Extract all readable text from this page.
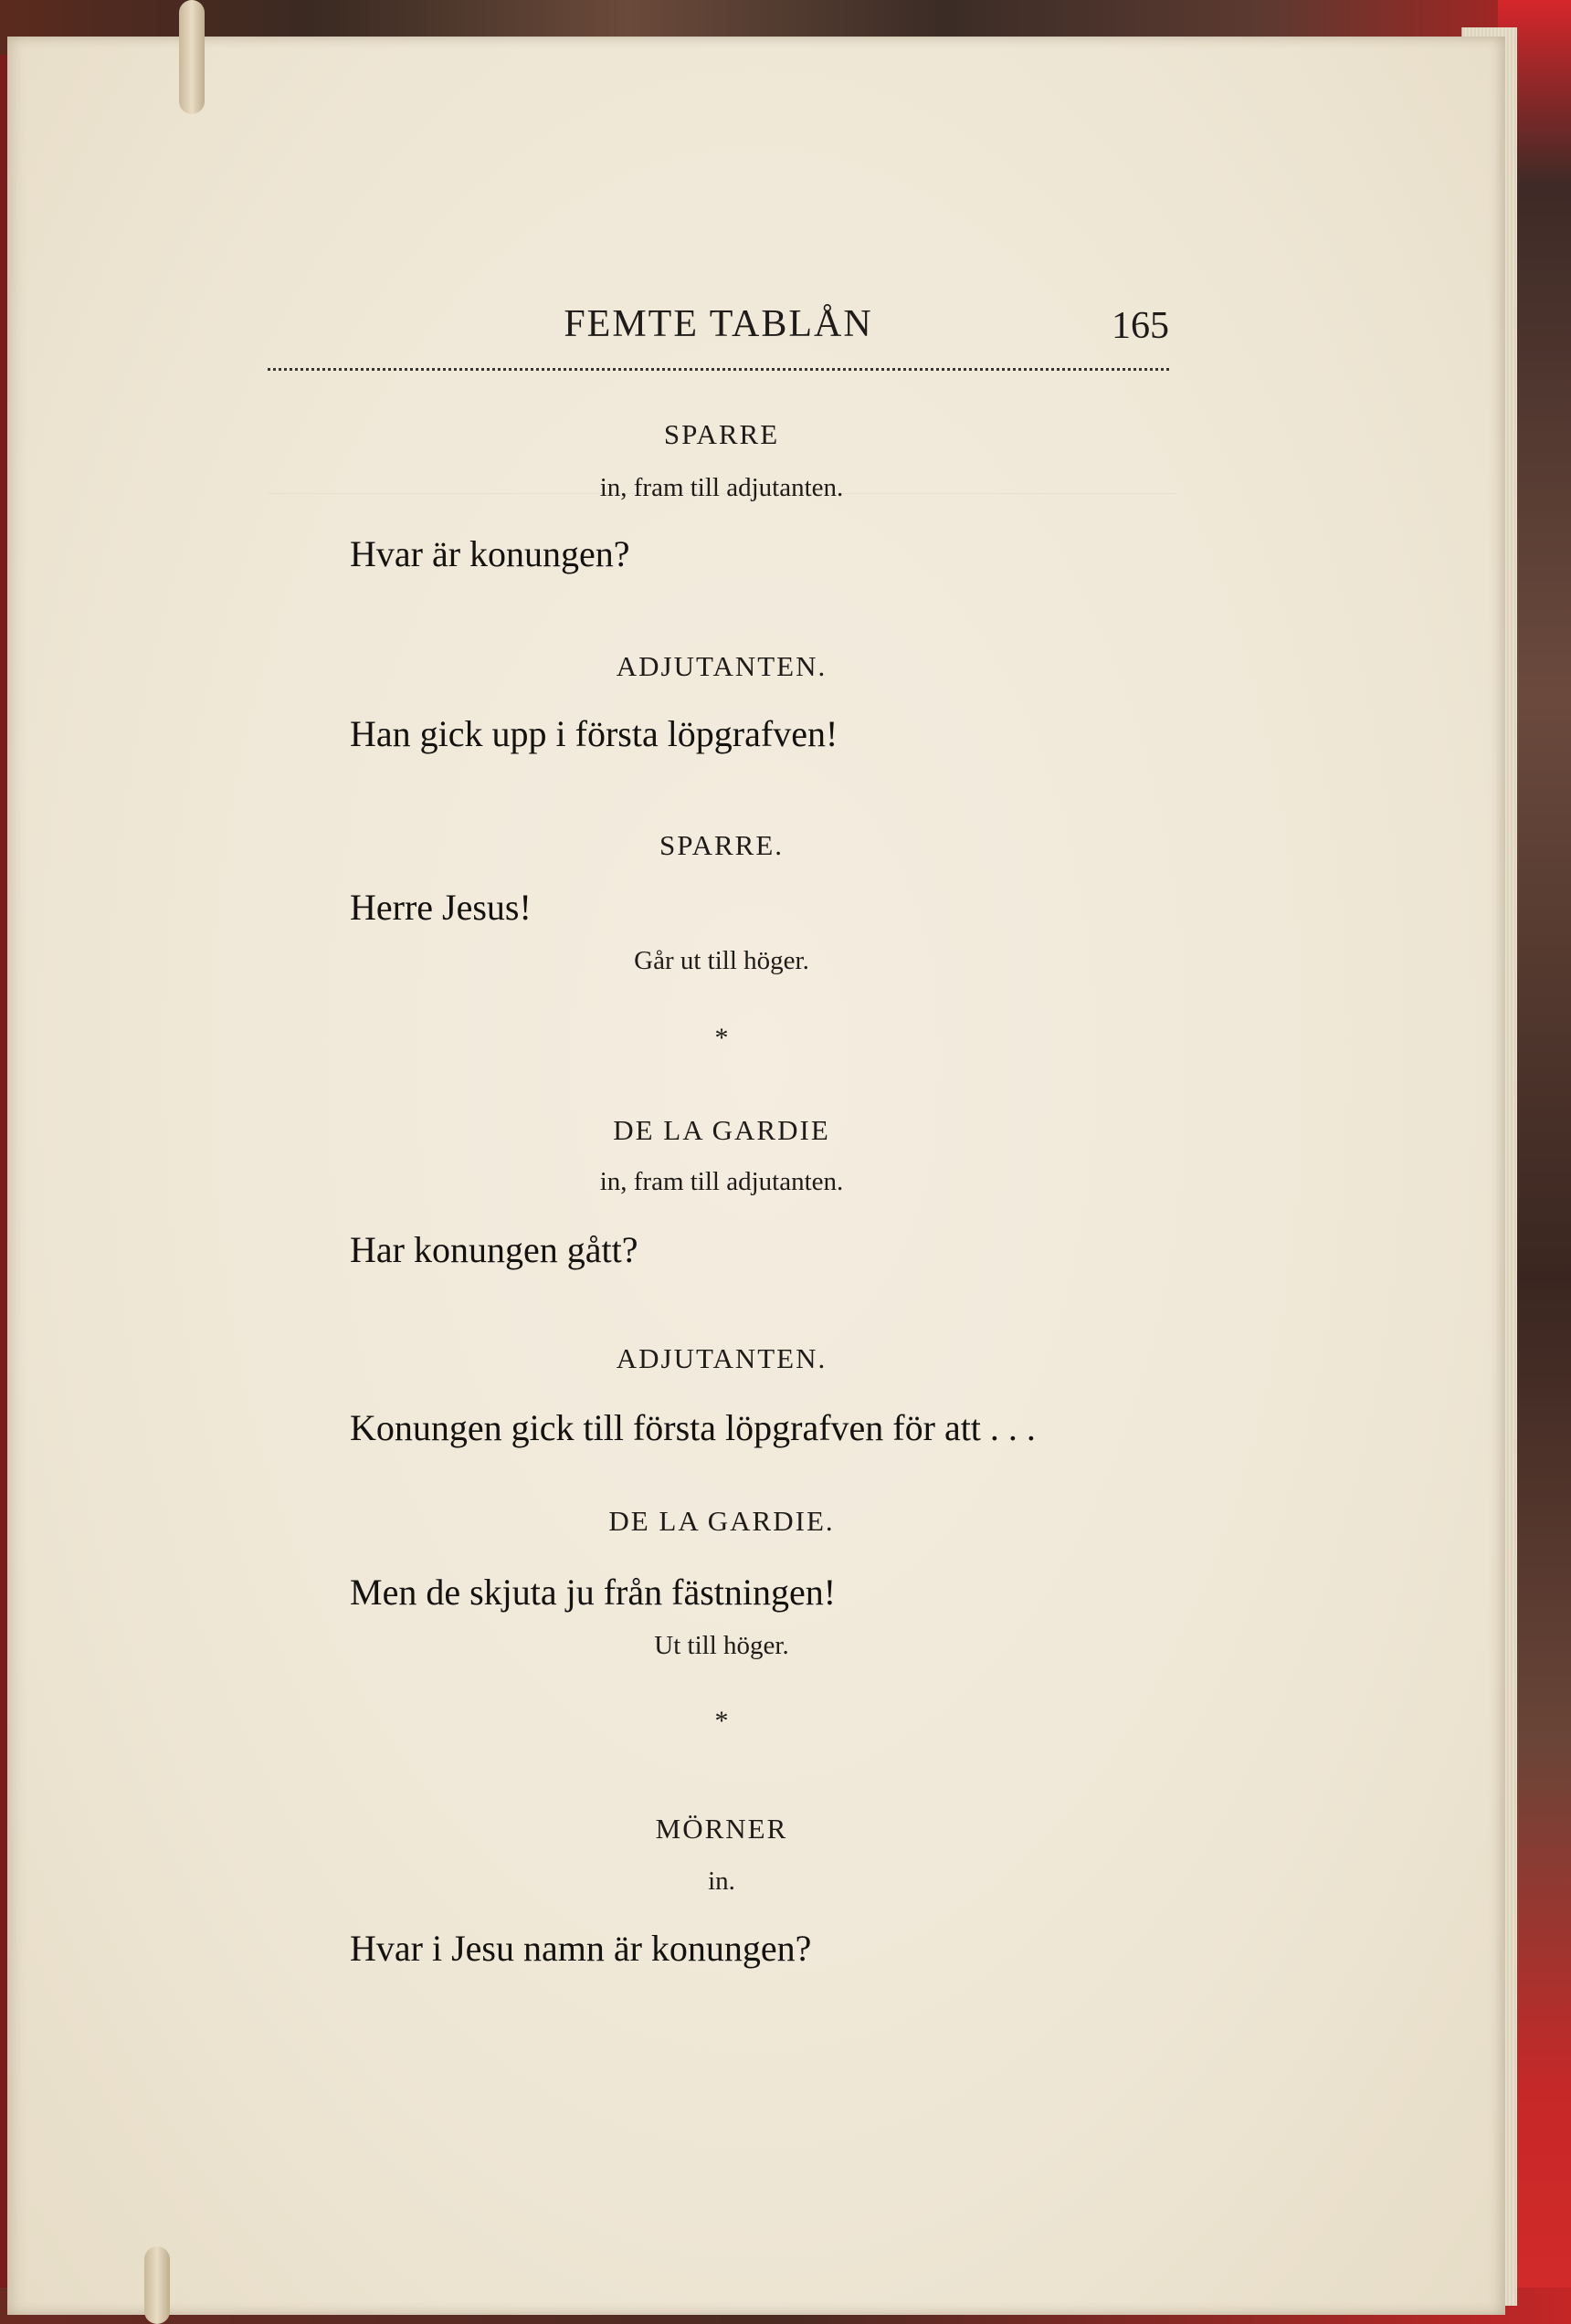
FEMTE TABLÅN	165
SPARRE
in, fram till adjutanten.
Hvar är konungen?
ADJUTANTEN.
Han gick upp i första löpgrafven!
SPARRE.
Herre Jesus!
Går ut till höger.
*
DE LA GARDIE
in, fram till adjutanten.
Har konungen gått?
ADJUTANTEN.
Konungen gick till första löpgrafven för att . . .
DE LA GARDIE.
Men de skjuta ju från fästningen!
Ut till höger.
*
MÖRNER
in.
Hvar i Jesu namn är konungen?
